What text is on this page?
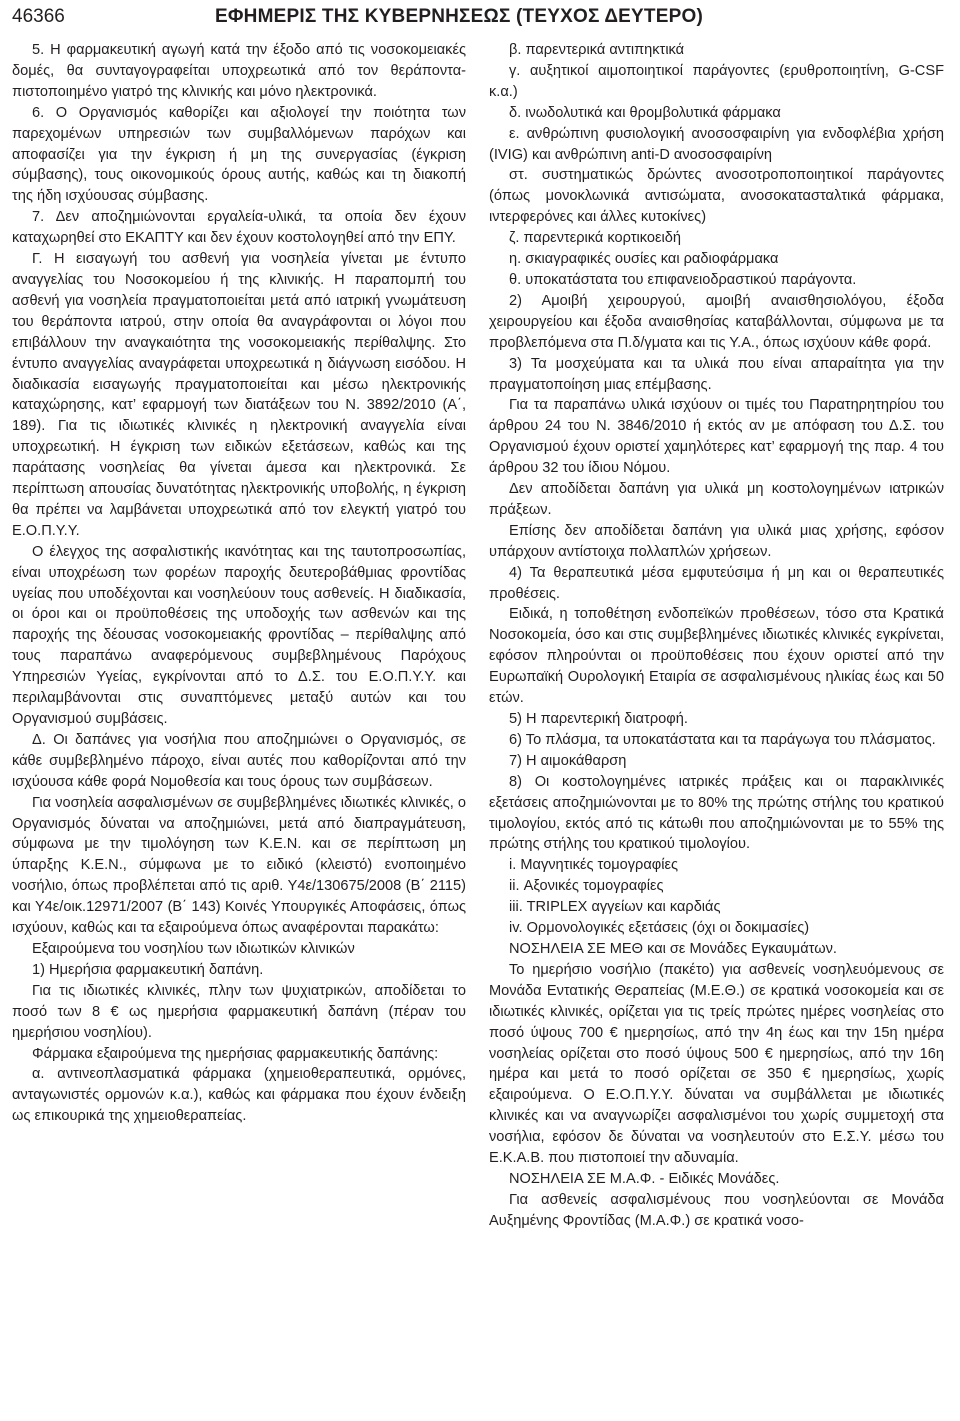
46366	ΕΦΗΜΕΡΙΣ ΤΗΣ ΚΥΒΕΡΝΗΣΕΩΣ (ΤΕΥΧΟΣ ΔΕΥΤΕΡΟ)

5. Η φαρμακευτική αγωγή κατά την έξοδο από τις νοσοκομειακές δομές, θα συνταγογραφείται υποχρεωτικά από τον θεράποντα-πιστοποιημένο γιατρό της κλινικής και μόνο ηλεκτρονικά.

6. Ο Οργανισμός καθορίζει και αξιολογεί την ποιότητα των παρεχομένων υπηρεσιών των συμβαλλόμενων παρόχων και αποφασίζει για την έγκριση ή μη της συνεργασίας (έγκριση σύμβασης), τους οικονομικούς όρους αυτής, καθώς και τη διακοπή της ήδη ισχύουσας σύμβασης.

7. Δεν αποζημιώνονται εργαλεία-υλικά, τα οποία δεν έχουν καταχωρηθεί στο ΕΚΑΠΤΥ και δεν έχουν κοστολογηθεί από την ΕΠΥ.

Γ. Η εισαγωγή του ασθενή για νοσηλεία γίνεται με έντυπο αναγγελίας του Νοσοκομείου ή της κλινικής. Η παραπομπή του ασθενή για νοσηλεία πραγματοποιείται μετά από ιατρική γνωμάτευση του θεράποντα ιατρού, στην οποία θα αναγράφονται οι λόγοι που επιβάλλουν την αναγκαιότητα της νοσοκομειακής περίθαλψης. Στο έντυπο αναγγελίας αναγράφεται υποχρεωτικά η διάγνωση εισόδου. Η διαδικασία εισαγωγής πραγματοποιείται και μέσω ηλεκτρονικής καταχώρησης, κατ’ εφαρμογή των διατάξεων του Ν. 3892/2010 (Α΄, 189). Για τις ιδιωτικές κλινικές η ηλεκτρονική αναγγελία είναι υποχρεωτική. Η έγκριση των ειδικών εξετάσεων, καθώς και της παράτασης νοσηλείας θα γίνεται άμεσα και ηλεκτρονικά. Σε περίπτωση απουσίας δυνατότητας ηλεκτρονικής υποβολής, η έγκριση θα πρέπει να λαμβάνεται υποχρεωτικά από τον ελεγκτή γιατρό του Ε.Ο.Π.Υ.Υ.

Ο έλεγχος της ασφαλιστικής ικανότητας και της ταυτοπροσωπίας, είναι υποχρέωση των φορέων παροχής δευτεροβάθμιας φροντίδας υγείας που υποδέχονται και νοσηλεύουν τους ασθενείς. Η διαδικασία, οι όροι και οι προϋποθέσεις της υποδοχής των ασθενών και της παροχής της δέουσας νοσοκομειακής φροντίδας – περίθαλψης από τους παραπάνω αναφερόμενους συμβεβλημένους Παρόχους Υπηρεσιών Υγείας, εγκρίνονται από το Δ.Σ. του Ε.Ο.Π.Υ.Υ. και περιλαμβάνονται στις συναπτόμενες μεταξύ αυτών και του Οργανισμού συμβάσεις.

Δ. Οι δαπάνες για νοσήλια που αποζημιώνει ο Οργανισμός, σε κάθε συμβεβλημένο πάροχο, είναι αυτές που καθορίζονται από την ισχύουσα κάθε φορά Νομοθεσία και τους όρους των συμβάσεων.

Για νοσηλεία ασφαλισμένων σε συμβεβλημένες ιδιωτικές κλινικές, ο Οργανισμός δύναται να αποζημιώνει, μετά από διαπραγμάτευση, σύμφωνα με την τιμολόγηση των Κ.Ε.Ν. και σε περίπτωση μη ύπαρξης Κ.Ε.Ν., σύμφωνα με το ειδικό (κλειστό) ενοποιημένο νοσήλιο, όπως προβλέπεται από τις αριθ. Υ4ε/130675/2008 (Β΄ 2115) και Υ4ε/οικ.12971/2007 (Β΄ 143) Κοινές Υπουργικές Αποφάσεις, όπως ισχύουν, καθώς και τα εξαιρούμενα όπως αναφέρονται παρακάτω:

Εξαιρούμενα του νοσηλίου των ιδιωτικών κλινικών

1) Ημερήσια φαρμακευτική δαπάνη.

Για τις ιδιωτικές κλινικές, πλην των ψυχιατρικών, αποδίδεται το ποσό των 8 € ως ημερήσια φαρμακευτική δαπάνη (πέραν του ημερήσιου νοσηλίου).

Φάρμακα εξαιρούμενα της ημερήσιας φαρμακευτικής δαπάνης:

α. αντινεοπλασματικά φάρμακα (χημειοθεραπευτικά, ορμόνες, ανταγωνιστές ορμονών κ.α.), καθώς και φάρμακα που έχουν ένδειξη ως επικουρικά της χημειοθεραπείας.

β. παρεντερικά αντιπηκτικά

γ. αυξητικοί αιμοποιητικοί παράγοντες (ερυθροποιητίνη, G-CSF κ.α.)

δ. ινωδολυτικά και θρομβολυτικά φάρμακα

ε. ανθρώπινη φυσιολογική ανοσοσφαιρίνη για ενδοφλέβια χρήση (IVIG) και ανθρώπινη anti-D ανοσοσφαιρίνη

στ. συστηματικώς δρώντες ανοσοτροποποιητικοί παράγοντες (όπως μονοκλωνικά αντισώματα, ανοσοκατασταλτικά φάρμακα, ιντερφερόνες και άλλες κυτοκίνες)

ζ. παρεντερικά κορτικοειδή

η. σκιαγραφικές ουσίες και ραδιοφάρμακα

θ. υποκατάστατα του επιφανειοδραστικού παράγοντα.

2) Αμοιβή χειρουργού, αμοιβή αναισθησιολόγου, έξοδα χειρουργείου και έξοδα αναισθησίας καταβάλλονται, σύμφωνα με τα προβλεπόμενα στα Π.δ/γματα και τις Υ.Α., όπως ισχύουν κάθε φορά.

3) Τα μοσχεύματα και τα υλικά που είναι απαραίτητα για την πραγματοποίηση μιας επέμβασης.

Για τα παραπάνω υλικά ισχύουν οι τιμές του Παρατηρητηρίου του άρθρου 24 του Ν. 3846/2010 ή εκτός αν με απόφαση του Δ.Σ. του Οργανισμού έχουν οριστεί χαμηλότερες κατ’ εφαρμογή της παρ. 4 του άρθρου 32 του ίδιου Νόμου.

Δεν αποδίδεται δαπάνη για υλικά μη κοστολογημένων ιατρικών πράξεων.

Επίσης δεν αποδίδεται δαπάνη για υλικά μιας χρήσης, εφόσον υπάρχουν αντίστοιχα πολλαπλών χρήσεων.

4) Τα θεραπευτικά μέσα εμφυτεύσιμα ή μη και οι θεραπευτικές προθέσεις.

Ειδικά, η τοποθέτηση ενδοπεϊκών προθέσεων, τόσο στα Κρατικά Νοσοκομεία, όσο και στις συμβεβλημένες ιδιωτικές κλινικές εγκρίνεται, εφόσον πληρούνται οι προϋποθέσεις που έχουν οριστεί από την Ευρωπαϊκή Ουρολογική Εταιρία σε ασφαλισμένους ηλικίας έως και 50 ετών.

5) Η παρεντερική διατροφή.

6) Το πλάσμα, τα υποκατάστατα και τα παράγωγα του πλάσματος.

7) Η αιμοκάθαρση

8) Οι κοστολογημένες ιατρικές πράξεις και οι παρακλινικές εξετάσεις αποζημιώνονται με το 80% της πρώτης στήλης του κρατικού τιμολογίου, εκτός από τις κάτωθι που αποζημιώνονται με το 55% της πρώτης στήλης του κρατικού τιμολογίου.

i. Μαγνητικές τομογραφίες

ii. Αξονικές τομογραφίες

iii. TRIPLEX αγγείων και καρδιάς

iv. Ορμονολογικές εξετάσεις (όχι οι δοκιμασίες)

ΝΟΣΗΛΕΙΑ ΣΕ ΜΕΘ και σε Μονάδες Εγκαυμάτων.

Το ημερήσιο νοσήλιο (πακέτο) για ασθενείς νοσηλευόμενους σε Μονάδα Εντατικής Θεραπείας (Μ.Ε.Θ.) σε κρατικά νοσοκομεία και σε ιδιωτικές κλινικές, ορίζεται για τις τρείς πρώτες ημέρες νοσηλείας στο ποσό ύψους 700 € ημερησίως, από την 4η έως και την 15η ημέρα νοσηλείας ορίζεται στο ποσό ύψους 500 € ημερησίως, από την 16η ημέρα και μετά το ποσό ορίζεται σε 350 € ημερησίως, χωρίς εξαιρούμενα. Ο Ε.Ο.Π.Υ.Υ. δύναται να συμβάλλεται με ιδιωτικές κλινικές και να αναγνωρίζει ασφαλισμένοι του χωρίς συμμετοχή στα νοσήλια, εφόσον δε δύναται να νοσηλευτούν στο Ε.Σ.Υ. μέσω του Ε.Κ.Α.Β. που πιστοποιεί την αδυναμία.

ΝΟΣΗΛΕΙΑ ΣΕ Μ.Α.Φ. - Ειδικές Μονάδες.

Για ασθενείς ασφαλισμένους που νοσηλεύονται σε Μονάδα Αυξημένης Φροντίδας (Μ.Α.Φ.) σε κρατικά νοσο-
